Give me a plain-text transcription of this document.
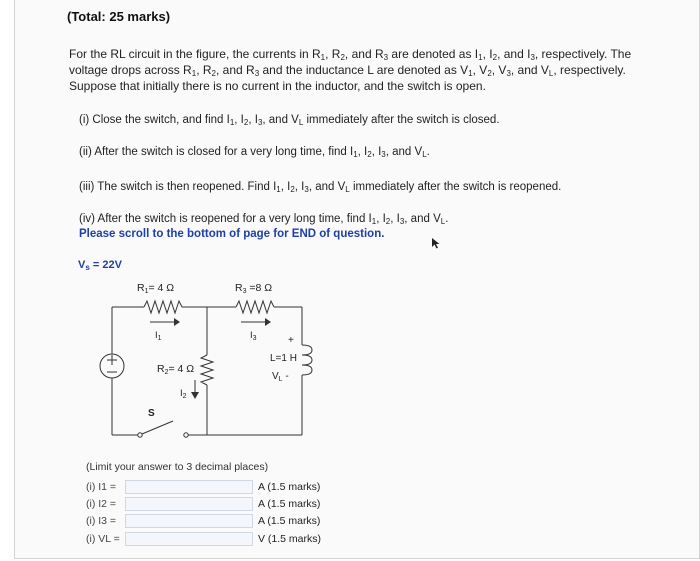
(Total: 25 marks)
For the RL circuit in the figure, the currents in $R_1$, $R_2$, and $R_3$ are denoted as $I_1$, $I_2$, and $I_3$, respectively. The
voltage drops across $R_1$, $R_2$, and $R_3$ and the inductance L are denoted as $V_1$, $V_2$, $V_3$, and $V_L$, respectively.
Suppose that initially there is no current in the inductor, and the switch is open.
(i) Close the switch, and find $I_1$, $I_2$, $I_3$, and $V_L$ immediately after the switch is closed.
(ii) After the switch is closed for a very long time, find $I_1$, $I_2$, $I_3$, and $V_L$.
(iii) The switch is then reopened. Find $I_1$, $I_2$, $I_3$, and $V_L$ immediately after the switch is reopened.
(iv) After the switch is reopened for a very long time, find $I_1$, $I_2$, $I_3$, and $V_L$.
Please scroll to the bottom of page for END of question.
Vs = 22V
R1= 4 Ω	R3 =8 Ω
$I_1$	$I_3$
R2= 4 Ω
$I_2$
+
L=1 H
$V_L$ -
S
(Limit your answer to 3 decimal places)
(i) I1 =	A (1.5 marks)
(i) I2 =	A (1.5 marks)
(i) I3 =	A (1.5 marks)
(i) VL =	V (1.5 marks)
